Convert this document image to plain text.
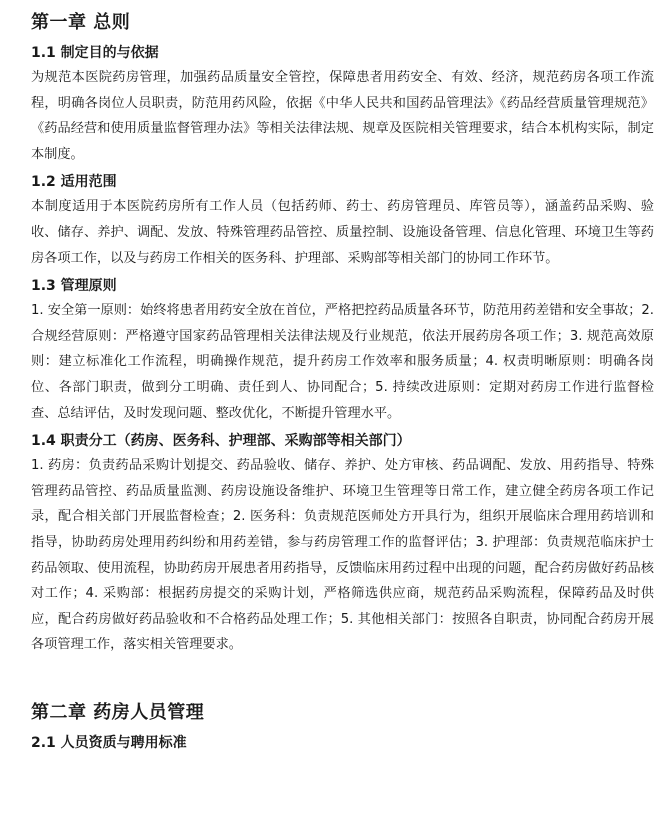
第一章 总则
1.1 制定目的与依据

为规范本医院药房管理，加强药品质量安全管控，保障患者用药安全、有效、经济，规范药房各项工作流程，明确各岗位人员职责，防范用药风险，依据《中华人民共和国药品管理法》《药品经营质量管理规范》《药品经营和使用质量监督管理办法》等相关法律法规、规章及医院相关管理要求，结合本机构实际，制定本制度。

1.2 适用范围

本制度适用于本医院药房所有工作人员（包括药师、药士、药房管理员、库管员等），涵盖药品采购、验收、储存、养护、调配、发放、特殊管理药品管控、质量控制、设施设备管理、信息化管理、环境卫生等药房各项工作，以及与药房工作相关的医务科、护理部、采购部等相关部门的协同工作环节。

1.3 管理原则

1. 安全第一原则：始终将患者用药安全放在首位，严格把控药品质量各环节，防范用药差错和安全事故；2. 合规经营原则：严格遵守国家药品管理相关法律法规及行业规范，依法开展药房各项工作；3. 规范高效原则：建立标准化工作流程，明确操作规范，提升药房工作效率和服务质量；4. 权责明晰原则：明确各岗位、各部门职责，做到分工明确、责任到人、协同配合；5. 持续改进原则：定期对药房工作进行监督检查、总结评估，及时发现问题、整改优化，不断提升管理水平。

1.4 职责分工（药房、医务科、护理部、采购部等相关部门）

1. 药房：负责药品采购计划提交、药品验收、储存、养护、处方审核、药品调配、发放、用药指导、特殊管理药品管控、药品质量监测、药房设施设备维护、环境卫生管理等日常工作，建立健全药房各项工作记录，配合相关部门开展监督检查；2. 医务科：负责规范医师处方开具行为，组织开展临床合理用药培训和指导，协助药房处理用药纠纷和用药差错，参与药房管理工作的监督评估；3. 护理部：负责规范临床护士药品领取、使用流程，协助药房开展患者用药指导，反馈临床用药过程中出现的问题，配合药房做好药品核对工作；4. 采购部：根据药房提交的采购计划，严格筛选供应商，规范药品采购流程，保障药品及时供应，配合药房做好药品验收和不合格药品处理工作；5. 其他相关部门：按照各自职责，协同配合药房开展各项管理工作，落实相关管理要求。

第二章 药房人员管理
2.1 人员资质与聘用标准
